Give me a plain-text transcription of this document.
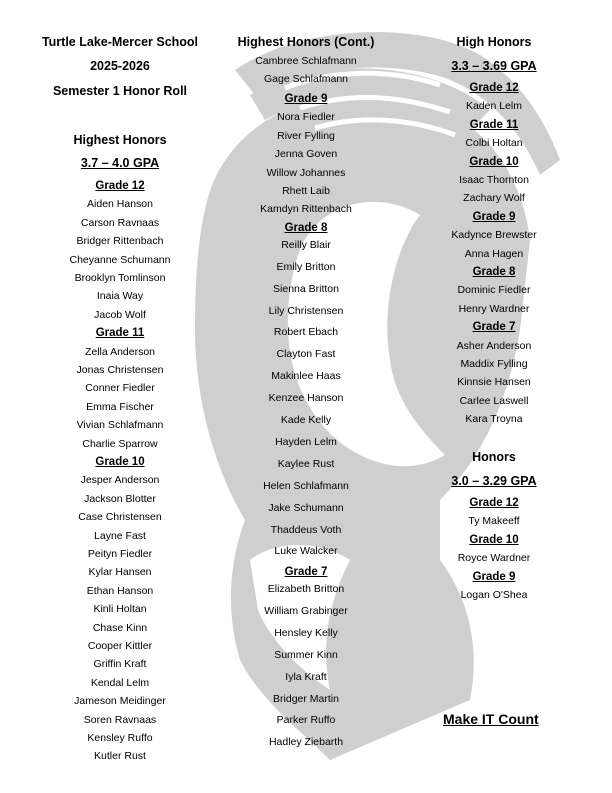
Turtle Lake-Mercer School

2025-2026

Semester 1 Honor Roll

Highest Honors

3.7 – 4.0 GPA

Grade 12

Aiden Hanson

Carson Ravnaas

Bridger Rittenbach

Cheyanne Schumann

Brooklyn Tomlinson

Inaia Way

Jacob Wolf

Grade 11

Zella Anderson

Jonas Christensen

Conner Fiedler

Emma Fischer

Vivian Schlafmann

Charlie Sparrow

Grade 10

Jesper Anderson

Jackson Blotter

Case Christensen

Layne Fast

Peityn Fiedler

Kylar Hansen

Ethan Hanson

Kinli Holtan

Chase Kinn

Cooper Kittler

Griffin Kraft

Kendal Lelm

Jameson Meidinger

Soren Ravnaas

Kensley Ruffo

Kutler Rust

Highest Honors (Cont.)

Cambree Schlafmann

Gage Schlafmann

Grade 9

Nora Fiedler

River Fylling

Jenna Goven

Willow Johannes

Rhett Laib

Kamdyn Rittenbach

Grade 8

Reilly Blair

Emily Britton

Sienna Britton

Lily Christensen

Robert Ebach

Clayton Fast

Makinlee Haas

Kenzee Hanson

Kade Kelly

Hayden Lelm

Kaylee Rust

Helen Schlafmann

Jake Schumann

Thaddeus Voth

Luke Walcker

Grade 7

Elizabeth Britton

William Grabinger

Hensley Kelly

Summer Kinn

Iyla Kraft

Bridger Martin

Parker Ruffo

Hadley Ziebarth

High Honors

3.3 – 3.69 GPA

Grade 12

Kaden Lelm

Grade 11

Colbi Holtan

Grade 10

Isaac Thornton

Zachary Wolf

Grade 9

Kadynce Brewster

Anna Hagen

Grade 8

Dominic Fiedler

Henry Wardner

Grade 7

Asher Anderson

Maddix Fylling

Kinnsie Hansen

Carlee Laswell

Kara Troyna

Honors

3.0 – 3.29 GPA

Grade 12

Ty Makeeff

Grade 10

Royce Wardner

Grade 9

Logan O'Shea

Make IT Count
